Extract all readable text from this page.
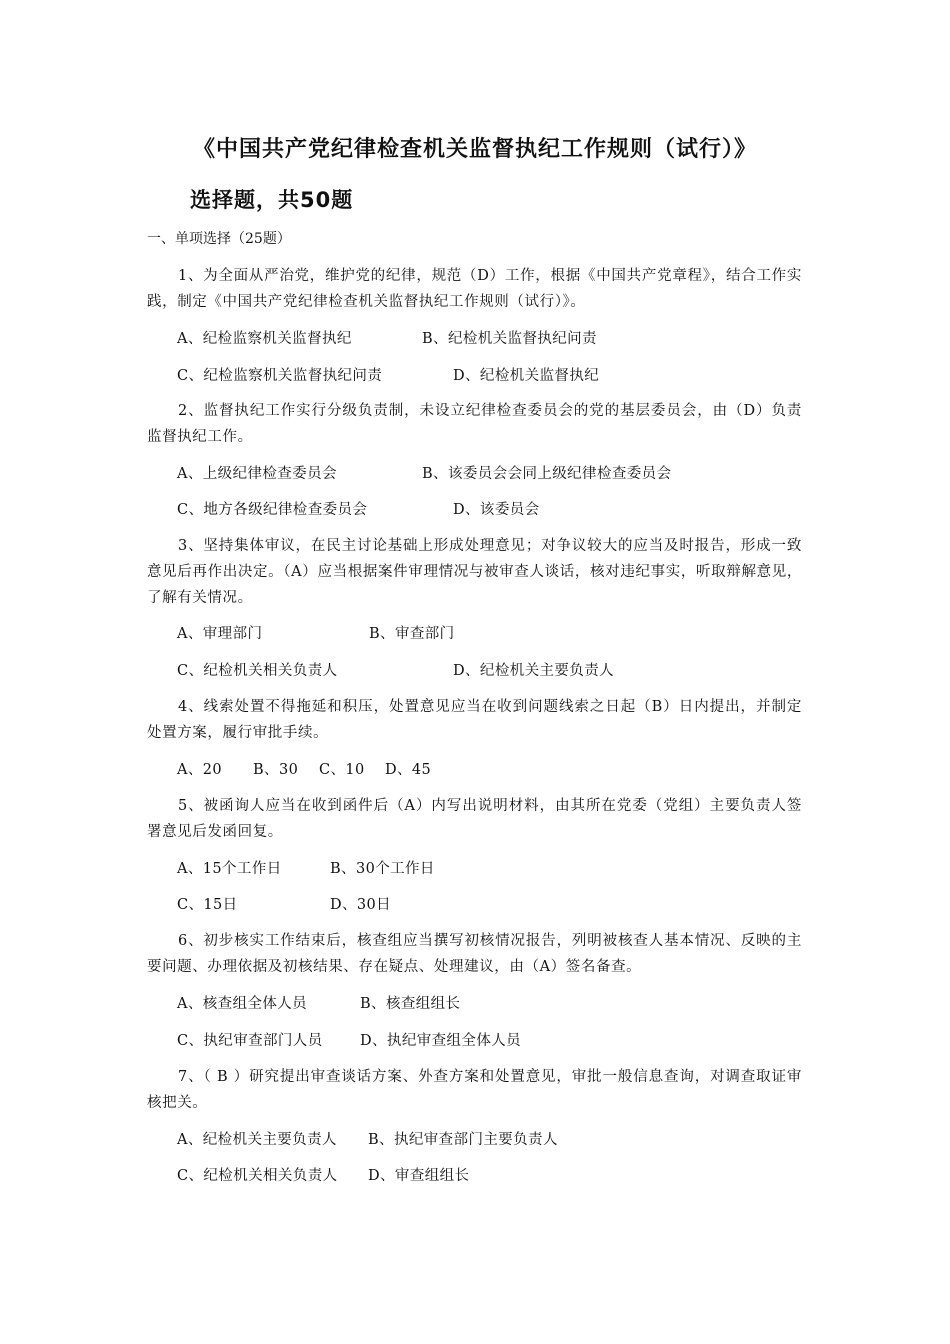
《中国共产党纪律检查机关监督执纪工作规则（试行）》
选择题，共50题

一、单项选择（25题）

1、为全面从严治党，维护党的纪律，规范（D）工作，根据《中国共产党章程》，结合工作实践，制定《中国共产党纪律检查机关监督执纪工作规则（试行）》。

A、纪检监察机关监督执纪	B、纪检机关监督执纪问责
C、纪检监察机关监督执纪问责	D、纪检机关监督执纪

2、监督执纪工作实行分级负责制，未设立纪律检查委员会的党的基层委员会，由（D）负责监督执纪工作。

A、上级纪律检查委员会	B、该委员会会同上级纪律检查委员会
C、地方各级纪律检查委员会	D、该委员会

3、坚持集体审议，在民主讨论基础上形成处理意见；对争议较大的应当及时报告，形成一致意见后再作出决定。（A）应当根据案件审理情况与被审查人谈话，核对违纪事实，听取辩解意见，了解有关情况。

A、审理部门	B、审查部门
C、纪检机关相关负责人	D、纪检机关主要负责人

4、线索处置不得拖延和积压，处置意见应当在收到问题线索之日起（B）日内提出，并制定处置方案，履行审批手续。

A、20 B、30 C、10 D、45

5、被函询人应当在收到函件后（A）内写出说明材料，由其所在党委（党组）主要负责人签署意见后发函回复。

A、15个工作日	B、30个工作日
C、15日	D、30日

6、初步核实工作结束后，核查组应当撰写初核情况报告，列明被核查人基本情况、反映的主要问题、办理依据及初核结果、存在疑点、处理建议，由（A）签名备查。

A、核查组全体人员	B、核查组组长
C、执纪审查部门人员	D、执纪审查组全体人员

7、（ B ）研究提出审查谈话方案、外查方案和处置意见，审批一般信息查询，对调查取证审核把关。

A、纪检机关主要负责人 B、执纪审查部门主要负责人
C、纪检机关相关负责人 D、审查组组长
